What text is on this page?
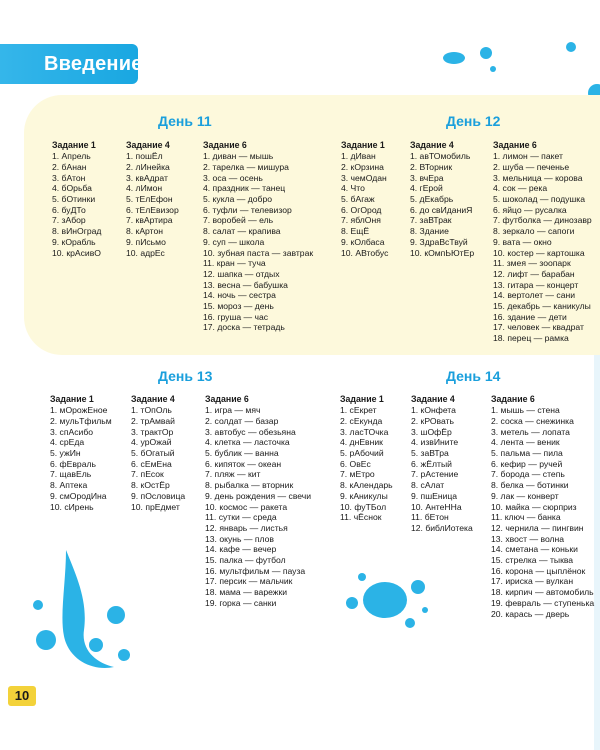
Введение
День 11
Задание 1
1. Апрель
2. бАнан
3. бАтон
4. бОрьба
5. бОтинки
6. буДТо
7. зАбор
8. вИнОград
9. кОрабль
10. крАсивО
Задание 4
1. пошЁл
2. лИнейка
3. квАдрат
4. лИмон
5. тЕлЕфон
6. тЕлЕвизор
7. квАртира
8. кАртон
9. пИсьмо
10. адрЕс
Задание 6
1. диван — мышь
2. тарелка — мишура
3. оса — осень
4. праздник — танец
5. кукла — добро
6. туфли — телевизор
7. воробей — ель
8. салат — крапива
9. суп — школа
10. зубная паста — завтрак
11. кран — туча
12. шапка — отдых
13. весна — бабушка
14. ночь — сестра
15. мороз — день
16. груша — час
17. доска — тетрадь
День 12
Задание 1
1. дИван
2. кОрзина
3. чемОдан
4. Что
5. бАгаж
6. ОгОрод
7. яблОня
8. ЕщЁ
9. кОлбаса
10. АВтобус
Задание 4
1. авТОмобиль
2. ВТорник
3. вчЕра
4. гЕрой
5. дЕкабрь
6. до свИданиЯ
7. заВТрак
8. Здание
9. ЗдраВсТвуй
10. кОмпЬЮтЕр
Задание 6
1. лимон — пакет
2. шуба — печенье
3. мельница — корова
4. сок — река
5. шоколад — подушка
6. яйцо — русалка
7. футболка — динозавр
8. зеркало — сапоги
9. вата — окно
10. костер — картошка
11. змея — зоопарк
12. лифт — барабан
13. гитара — концерт
14. вертолет — сани
15. декабрь — каникулы
16. здание — дети
17. человек — квадрат
18. перец — рамка
День 13
Задание 1
1. мОрожЕное
2. мульТфильм
3. спАсибо
4. срЕда
5. ужИн
6. фЕвраль
7. щавЕль
8. Аптека
9. смОродИна
10. сИрень
Задание 4
1. тОпОль
2. трАмвай
3. трактОр
4. урОжай
5. бОгатый
6. сЕмЕна
7. пЕсок
8. кОстЁр
9. пОсловица
10. прЕдмет
Задание 6
1. игра — мяч
2. солдат — базар
3. автобус — обезьяна
4. клетка — ласточка
5. бублик — ванна
6. кипяток — океан
7. пляж — кит
8. рыбалка — вторник
9. день рождения — свечи
10. космос — ракета
11. сутки — среда
12. январь — листья
13. окунь — плов
14. кафе — вечер
15. палка — футбол
16. мультфильм — пауза
17. персик — мальчик
18. мама — варежки
19. горка — санки
День 14
Задание 1
1. сЕкрет
2. сЕкунда
3. ласТОчка
4. днЕвник
5. рАбочий
6. ОвЕс
7. мЕтро
8. кАлендарь
9. кАникулы
10. фуТБол
11. чЁснок
Задание 4
1. кОнфета
2. кРОвать
3. шОфЁр
4. извИните
5. заВТра
6. жЁлтый
7. рАстение
8. сАлат
9. пшЕница
10. АнтеННа
11. бЕтон
12. библИотека
Задание 6
1. мышь — стена
2. соска — снежинка
3. метель — лопата
4. лента — веник
5. пальма — пила
6. кефир — ручей
7. борода — степь
8. белка — ботинки
9. лак — конверт
10. майка — сюрприз
11. ключ — банка
12. чернила — пингвин
13. хвост — волна
14. сметана — коньки
15. стрелка — тыква
16. корона — цыплёнок
17. ириска — вулкан
18. кирпич — автомобиль
19. февраль — ступенька
20. карась — дверь
10
